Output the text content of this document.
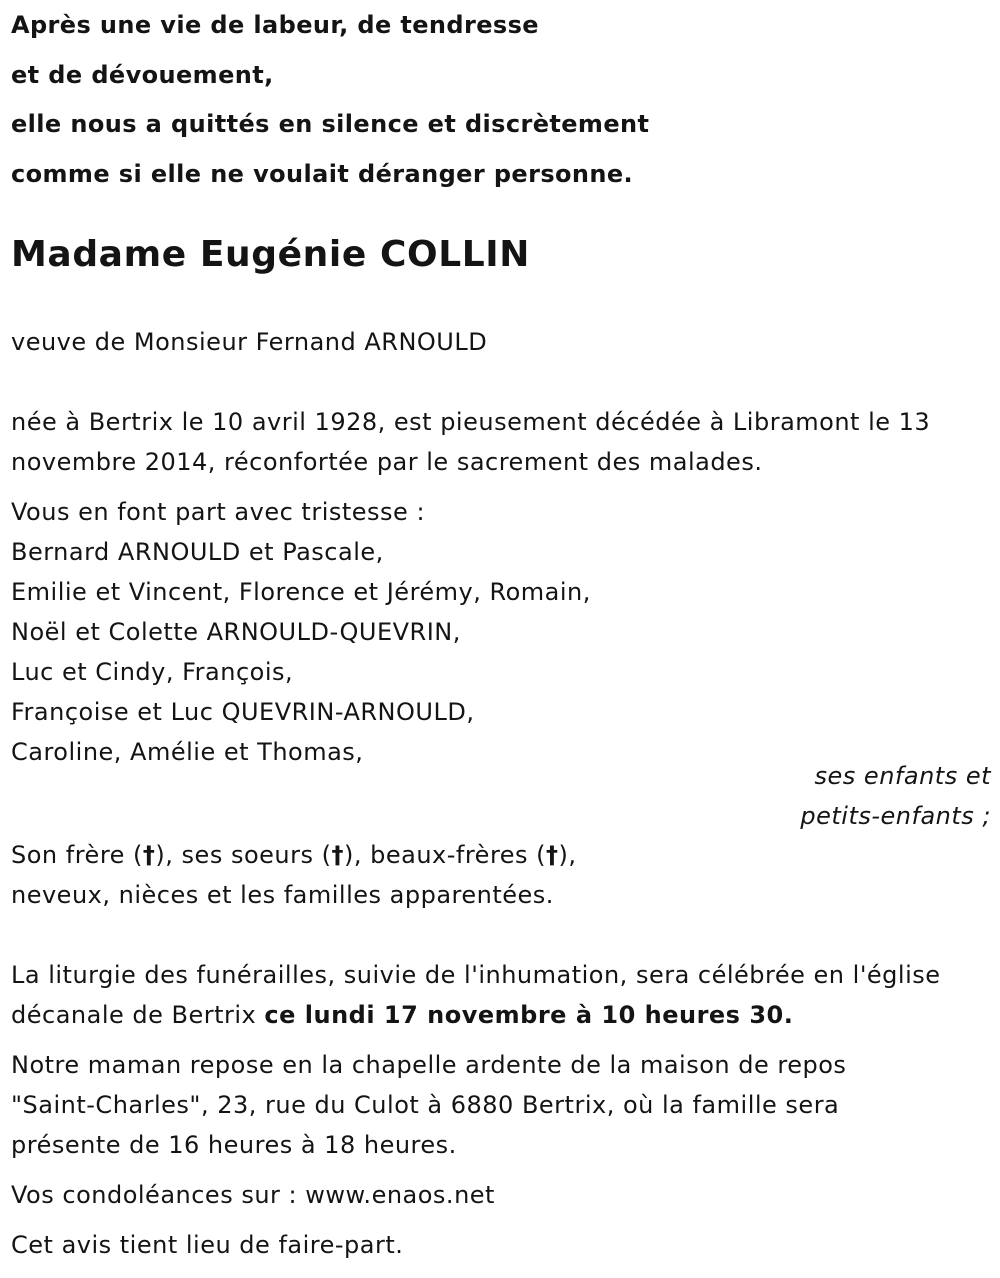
Après une vie de labeur, de tendresse
et de dévouement,
elle nous a quittés en silence et discrètement
comme si elle ne voulait déranger personne.

Madame Eugénie COLLIN

veuve de Monsieur Fernand ARNOULD

née à Bertrix le 10 avril 1928, est pieusement décédée à Libramont le 13
novembre 2014, réconfortée par le sacrement des malades.

Vous en font part avec tristesse :
Bernard ARNOULD et Pascale,
Emilie et Vincent, Florence et Jérémy, Romain,
Noël et Colette ARNOULD-QUEVRIN,
Luc et Cindy, François,
Françoise et Luc QUEVRIN-ARNOULD,
Caroline, Amélie et Thomas,
ses enfants et
petits-enfants ;
Son frère (†), ses soeurs (†), beaux-frères (†),
neveux, nièces et les familles apparentées.

La liturgie des funérailles, suivie de l'inhumation, sera célébrée en l'église
décanale de Bertrix ce lundi 17 novembre à 10 heures 30.

Notre maman repose en la chapelle ardente de la maison de repos
"Saint-Charles", 23, rue du Culot à 6880 Bertrix, où la famille sera
présente de 16 heures à 18 heures.

Vos condoléances sur : www.enaos.net

Cet avis tient lieu de faire-part.
